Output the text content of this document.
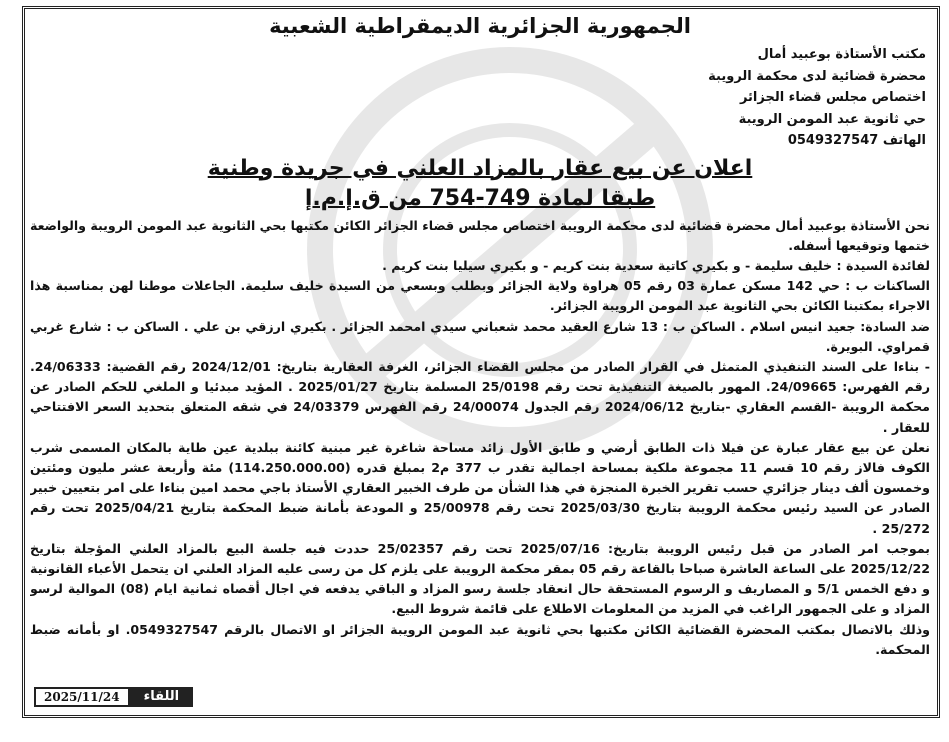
الجمهورية الجزائرية الديمقراطية الشعبية
مكتب الأستاذة بوعبيد أمال
محضرة قضائية لدى محكمة الرويبة
اختصاص مجلس قضاء الجزائر
حي ثانوية عبد المومن الرويبة
الهاتف 0549327547
اعلان عن بيع عقار بالمزاد العلني في جريدة وطنية
طبقا لمادة 749-754 من ق.إ.م.إ

نحن الأستاذة بوعبيد أمال محضرة قضائية لدى محكمة الرويبة اختصاص مجلس قضاء الجزائر الكائن مكتبها بحي الثانوية عبد المومن الرويبة والواضعة ختمها وتوقيعها أسفله.

لفائدة السيدة : خليف سليمة - و بكيري كاتية سعدية بنت كريم - و بكيري سيليا بنت كريم .

الساكنات ب : حي 142 مسكن عمارة 03 رقم 05 هراوة ولاية الجزائر وبطلب وبسعي من السيدة خليف سليمة. الجاعلات موطنا لهن بمناسبة هذا الاجراء بمكتبنا الكائن بحي الثانوية عبد المومن الرويبة الجزائر.

ضد السادة: جعيد انيس اسلام . الساكن ب : 13 شارع العقيد محمد شعباني سيدي امحمد الجزائر . بكيري ارزقي بن علي . الساكن ب : شارع غربي قمراوي. البويرة.

- بناءا على السند التنفيذي المتمثل في القرار الصادر من مجلس القضاء الجزائر، الغرفة العقارية بتاريخ: 2024/12/01 رقم القضية: 24/06333. رقم الفهرس: 24/09665. المهور بالصيغة التنفيذية تحت رقم 25/0198 المسلمة بتاريخ 2025/01/27 . المؤيد مبدئيا و الملغي للحكم الصادر عن محكمة الرويبة -القسم العقاري -بتاريخ 2024/06/12 رقم الجدول 24/00074 رقم الفهرس 24/03379 في شقه المتعلق بتحديد السعر الافتتاحي للعقار .

نعلن عن بيع عقار عبارة عن فيلا ذات الطابق أرضي و طابق الأول زائد مساحة شاغرة غير مبنية كائنة ببلدية عين طاية بالمكان المسمى شرب الكوف فالاز رقم 10 قسم 11 مجموعة ملكية بمساحة اجمالية تقدر ب 377 م2 بمبلغ قدره (114.250.000.00) مئة وأربعة عشر مليون ومئتين وخمسون ألف دينار جزائري حسب تقرير الخبرة المنجزة في هذا الشأن من طرف الخبير العقاري الأستاذ باجي محمد امين بناءا على امر بتعيين خبير الصادر عن السيد رئيس محكمة الرويبة بتاريخ 2025/03/30 تحت رقم 25/00978 و المودعة بأمانة ضبط المحكمة بتاريخ 2025/04/21 تحت رقم 25/272 .

بموجب امر الصادر من قبل رئيس الرويبة بتاريخ: 2025/07/16 تحت رقم 25/02357 حددت فيه جلسة البيع بالمزاد العلني المؤجلة بتاريخ 2025/12/22 على الساعة العاشرة صباحا بالقاعة رقم 05 بمقر محكمة الرويبة على يلزم كل من رسى عليه المزاد العلني ان يتحمل الأعباء القانونية و دفع الخمس 5/1 و المصاريف و الرسوم المستحقة حال انعقاد جلسة رسو المزاد و الباقي يدفعه في اجال أقصاه ثمانية ايام (08) الموالية لرسو المزاد و على الجمهور الراغب في المزيد من المعلومات الاطلاع على قائمة شروط البيع.

وذلك بالاتصال بمكتب المحضرة القضائية الكائن مكتبها بحي ثانوية عبد المومن الرويبة الجزائر او الاتصال بالرقم 0549327547. او بأمانه ضبط المحكمة.

2025/11/24	اللقاء
